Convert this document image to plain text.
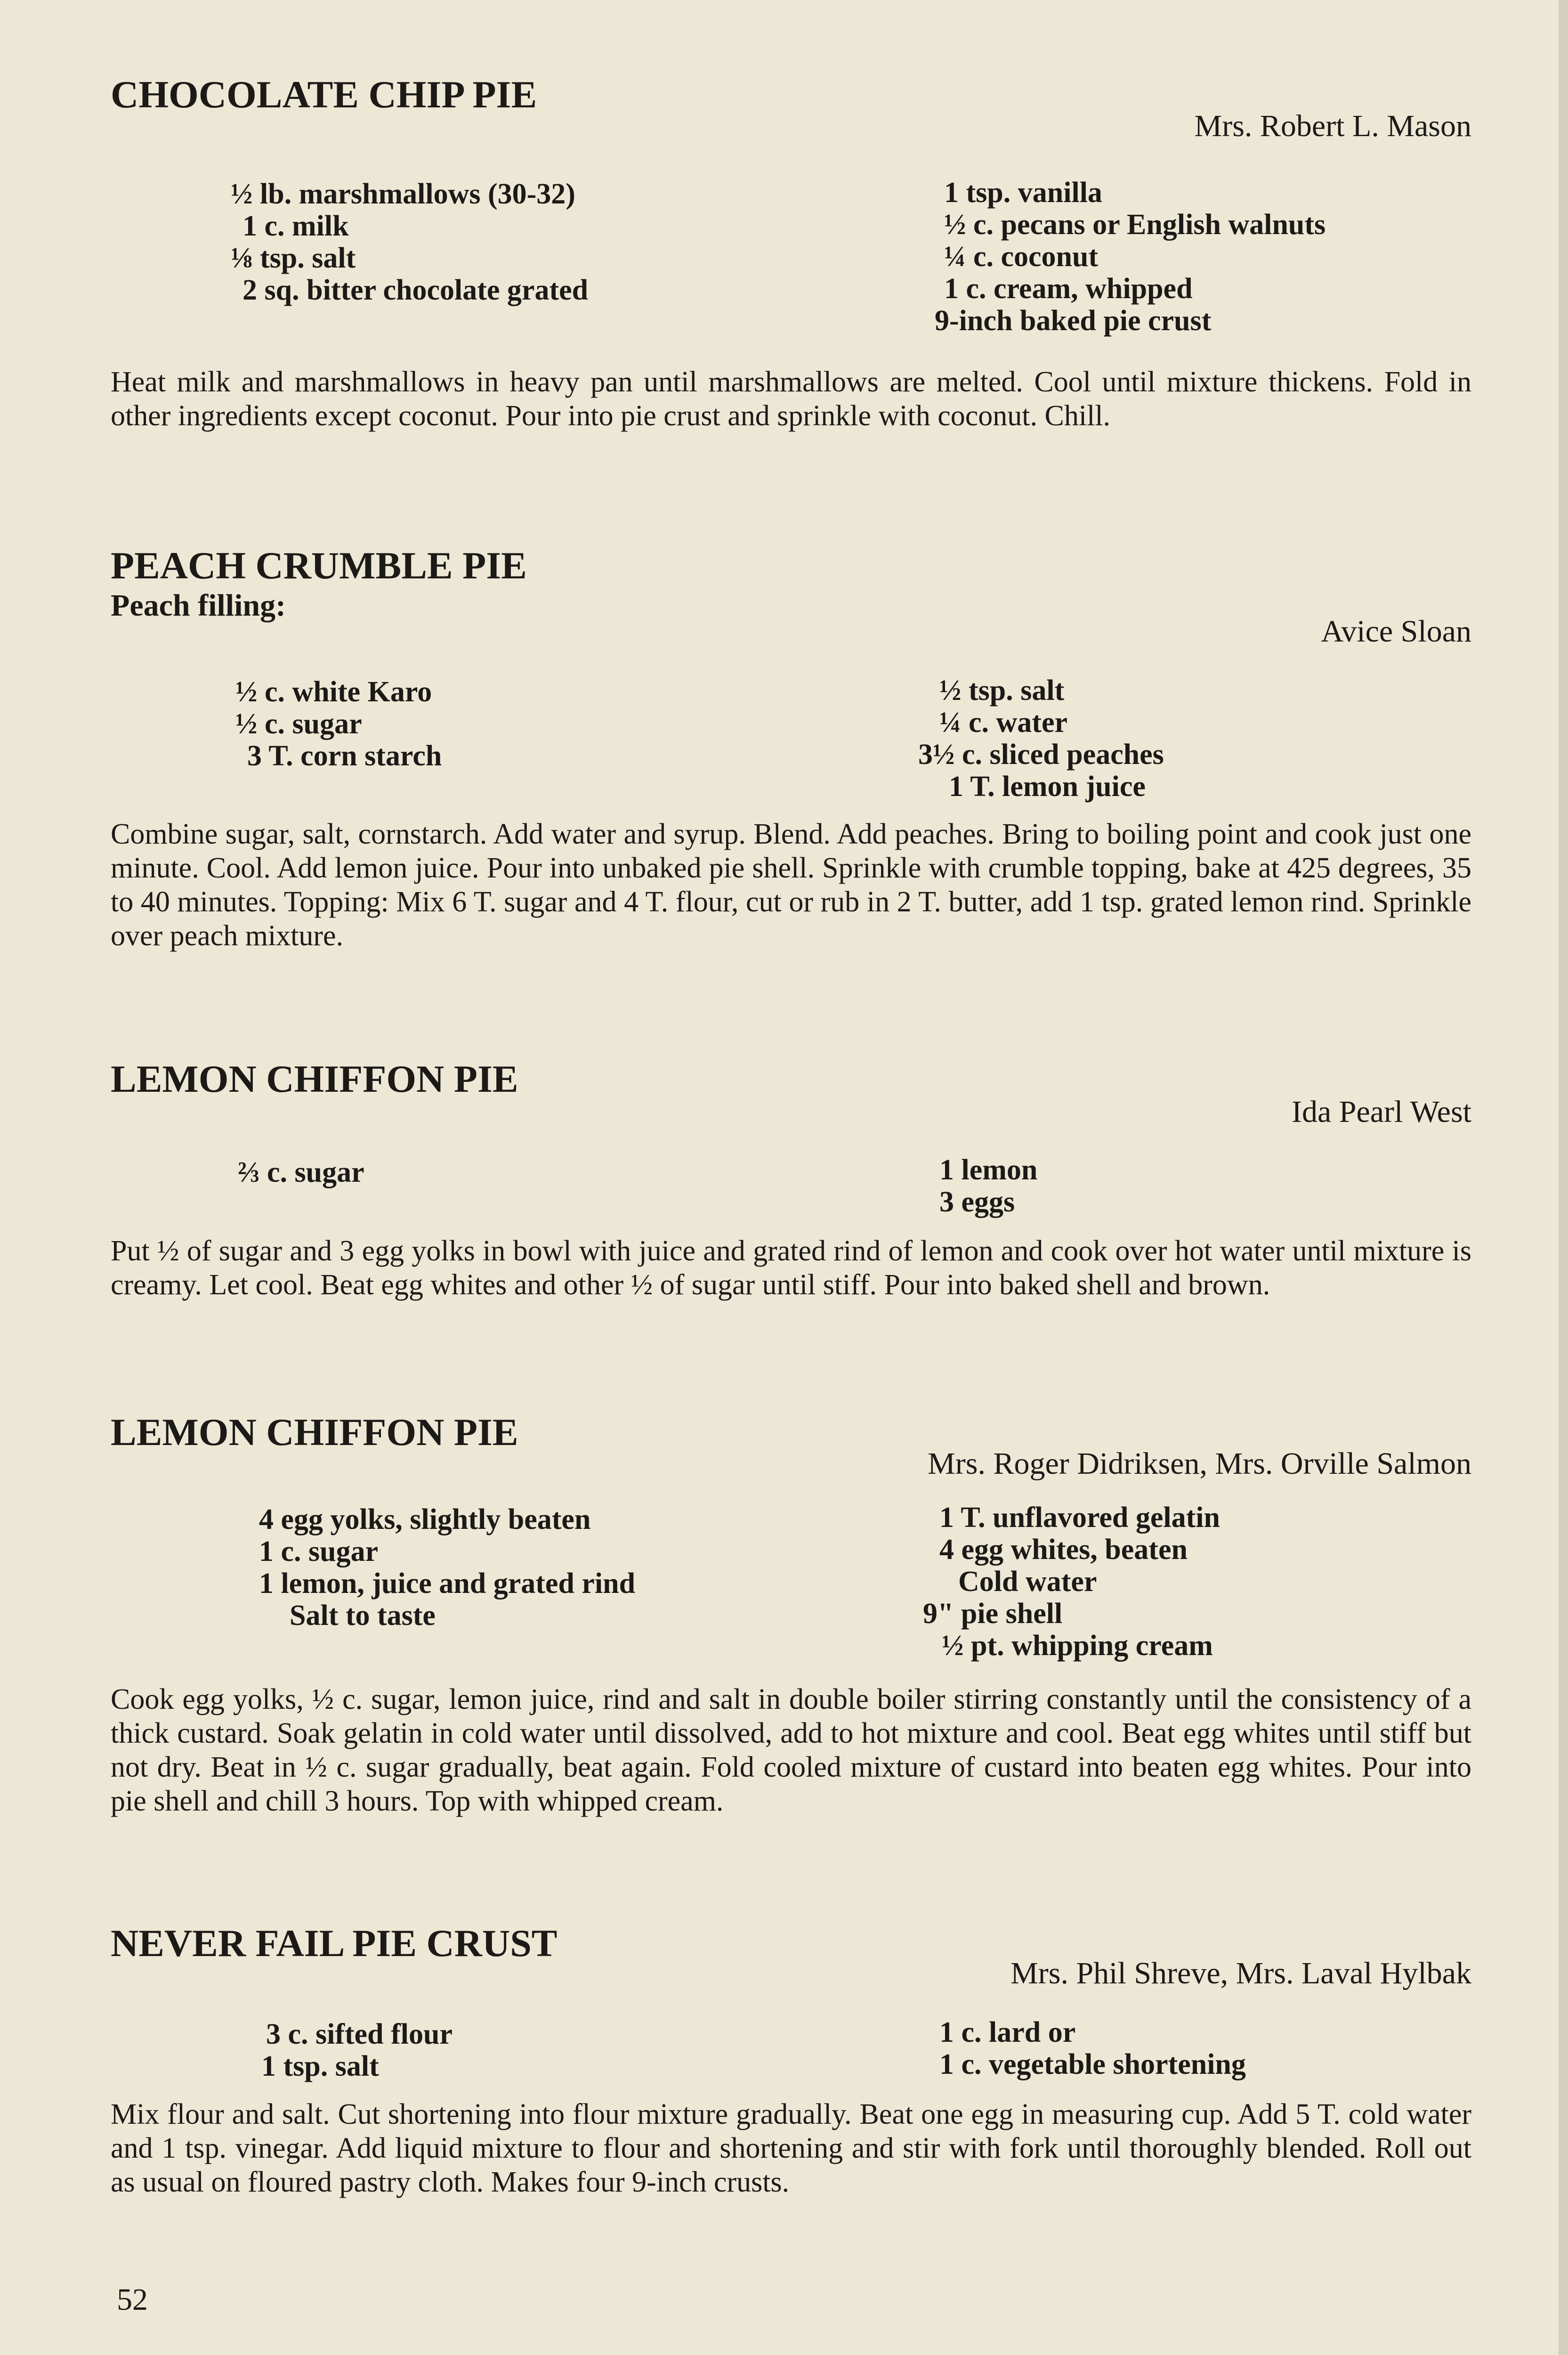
CHOCOLATE CHIP PIE
Mrs. Robert L. Mason
½ lb. marshmallows (30-32)
1 c. milk
⅛ tsp. salt
2 sq. bitter chocolate grated
1 tsp. vanilla
½ c. pecans or English walnuts
¼ c. coconut
1 c. cream, whipped
9-inch baked pie crust

Heat milk and marshmallows in heavy pan until marshmallows are melted. Cool until mixture thickens. Fold in other ingredients except coconut. Pour into pie crust and sprinkle with coconut. Chill.

PEACH CRUMBLE PIE
Peach filling:
Avice Sloan
½ c. white Karo
½ c. sugar
3 T. corn starch
½ tsp. salt
¼ c. water
3½ c. sliced peaches
1 T. lemon juice

Combine sugar, salt, cornstarch. Add water and syrup. Blend. Add peaches. Bring to boiling point and cook just one minute. Cool. Add lemon juice. Pour into unbaked pie shell. Sprinkle with crumble topping, bake at 425 degrees, 35 to 40 minutes. Topping: Mix 6 T. sugar and 4 T. flour, cut or rub in 2 T. butter, add 1 tsp. grated lemon rind. Sprinkle over peach mixture.

LEMON CHIFFON PIE
Ida Pearl West
⅔ c. sugar	1 lemon
3 eggs

Put ½ of sugar and 3 egg yolks in bowl with juice and grated rind of lemon and cook over hot water until mixture is creamy. Let cool. Beat egg whites and other ½ of sugar until stiff. Pour into baked shell and brown.

LEMON CHIFFON PIE
Mrs. Roger Didriksen, Mrs. Orville Salmon
4 egg yolks, slightly beaten
1 c. sugar
1 lemon, juice and grated rind
Salt to taste
1 T. unflavored gelatin
4 egg whites, beaten
Cold water
9" pie shell
½ pt. whipping cream

Cook egg yolks, ½ c. sugar, lemon juice, rind and salt in double boiler stirring constantly until the consistency of a thick custard. Soak gelatin in cold water until dissolved, add to hot mixture and cool. Beat egg whites until stiff but not dry. Beat in ½ c. sugar gradually, beat again. Fold cooled mixture of custard into beaten egg whites. Pour into pie shell and chill 3 hours. Top with whipped cream.

NEVER FAIL PIE CRUST
Mrs. Phil Shreve, Mrs. Laval Hylbak
3 c. sifted flour
1 tsp. salt
1 c. lard or
1 c. vegetable shortening

Mix flour and salt. Cut shortening into flour mixture gradually. Beat one egg in measuring cup. Add 5 T. cold water and 1 tsp. vinegar. Add liquid mixture to flour and shortening and stir with fork until thoroughly blended. Roll out as usual on floured pastry cloth. Makes four 9-inch crusts.

52
